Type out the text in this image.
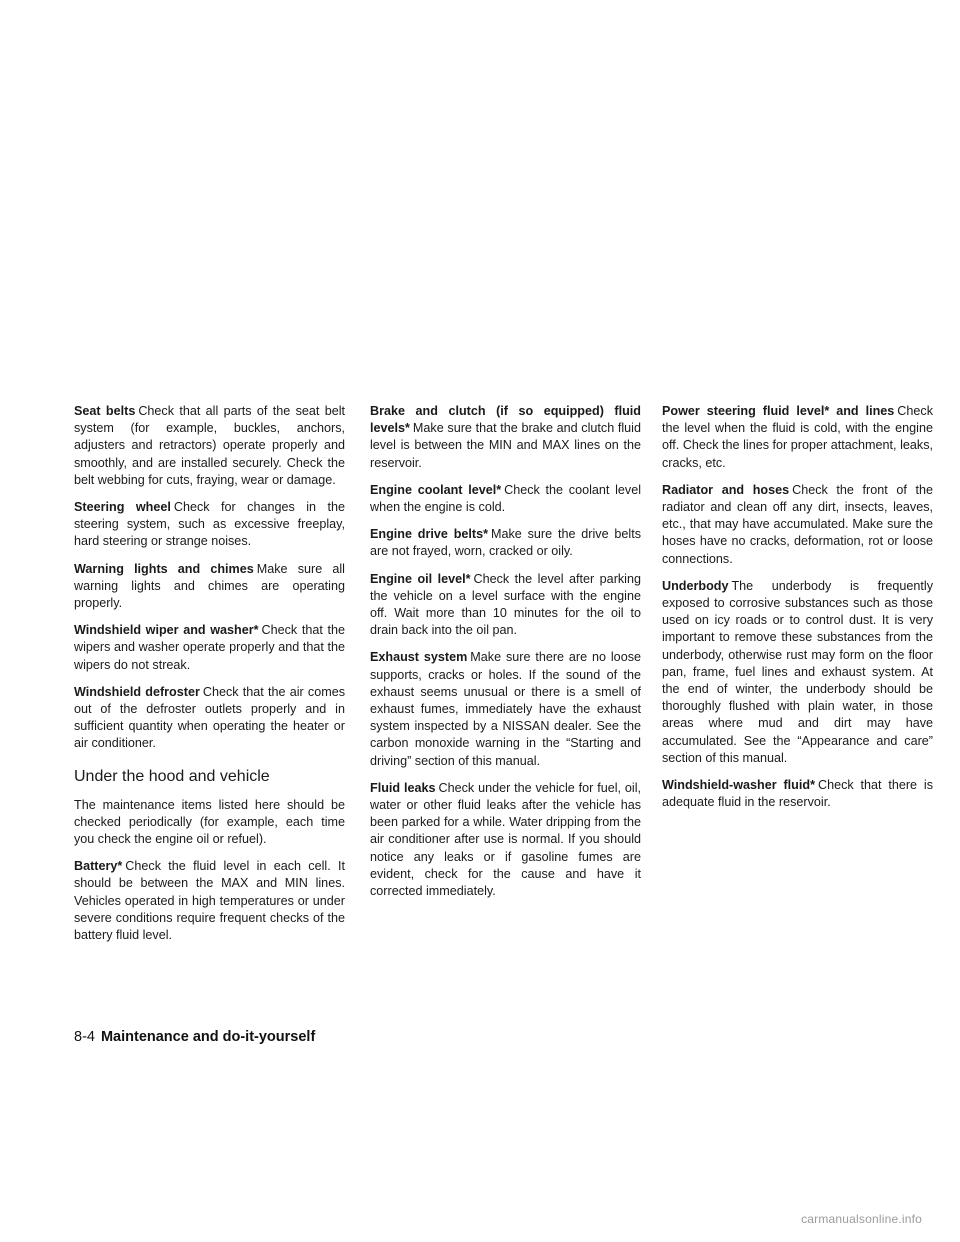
Seat belts Check that all parts of the seat belt system (for example, buckles, anchors, adjusters and retractors) operate properly and smoothly, and are installed securely. Check the belt webbing for cuts, fraying, wear or damage.

Steering wheel Check for changes in the steering system, such as excessive freeplay, hard steering or strange noises.

Warning lights and chimes Make sure all warning lights and chimes are operating properly.

Windshield wiper and washer* Check that the wipers and washer operate properly and that the wipers do not streak.

Windshield defroster Check that the air comes out of the defroster outlets properly and in sufficient quantity when operating the heater or air conditioner.

Under the hood and vehicle

The maintenance items listed here should be checked periodically (for example, each time you check the engine oil or refuel).

Battery* Check the fluid level in each cell. It should be between the MAX and MIN lines. Vehicles operated in high temperatures or under severe conditions require frequent checks of the battery fluid level.

Brake and clutch (if so equipped) fluid levels* Make sure that the brake and clutch fluid level is between the MIN and MAX lines on the reservoir.

Engine coolant level* Check the coolant level when the engine is cold.

Engine drive belts* Make sure the drive belts are not frayed, worn, cracked or oily.

Engine oil level* Check the level after parking the vehicle on a level surface with the engine off. Wait more than 10 minutes for the oil to drain back into the oil pan.

Exhaust system Make sure there are no loose supports, cracks or holes. If the sound of the exhaust seems unusual or there is a smell of exhaust fumes, immediately have the exhaust system inspected by a NISSAN dealer. See the carbon monoxide warning in the “Starting and driving” section of this manual.

Fluid leaks Check under the vehicle for fuel, oil, water or other fluid leaks after the vehicle has been parked for a while. Water dripping from the air conditioner after use is normal. If you should notice any leaks or if gasoline fumes are evident, check for the cause and have it corrected immediately.

Power steering fluid level* and lines Check the level when the fluid is cold, with the engine off. Check the lines for proper attachment, leaks, cracks, etc.

Radiator and hoses Check the front of the radiator and clean off any dirt, insects, leaves, etc., that may have accumulated. Make sure the hoses have no cracks, deformation, rot or loose connections.

Underbody The underbody is frequently exposed to corrosive substances such as those used on icy roads or to control dust. It is very important to remove these substances from the underbody, otherwise rust may form on the floor pan, frame, fuel lines and exhaust system. At the end of winter, the underbody should be thoroughly flushed with plain water, in those areas where mud and dirt may have accumulated. See the “Appearance and care” section of this manual.

Windshield-washer fluid* Check that there is adequate fluid in the reservoir.

8-4 Maintenance and do-it-yourself
carmanualsonline.info
